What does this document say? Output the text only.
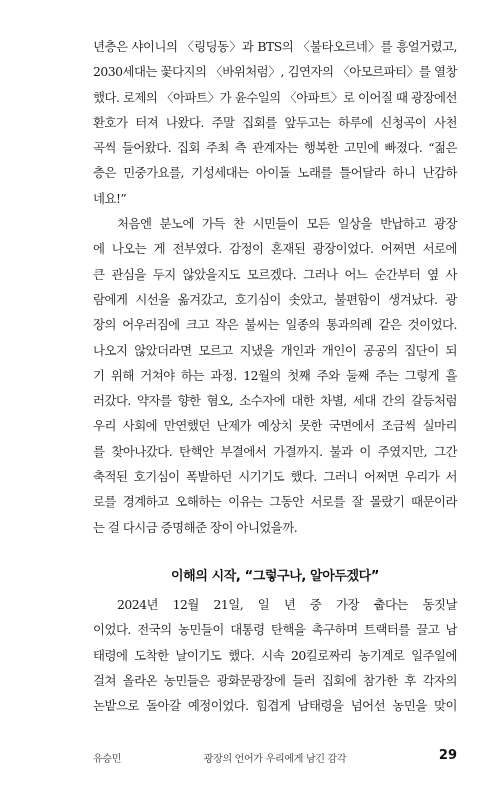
년층은 샤이니의 〈링딩동〉과 BTS의 〈불타오르네〉를 흥얼거렸고,
2030세대는 꽃다지의 〈바위처럼〉, 김연자의 〈아모르파티〉를 열창
했다. 로제의 〈아파트〉가 윤수일의 〈아파트〉로 이어질 때 광장에선
환호가 터져 나왔다. 주말 집회를 앞두고는 하루에 신청곡이 사천
곡씩 들어왔다. 집회 주최 측 관계자는 행복한 고민에 빠졌다. “젊은
층은 민중가요를, 기성세대는 아이돌 노래를 틀어달라 하니 난감하
네요!”
처음엔 분노에 가득 찬 시민들이 모든 일상을 반납하고 광장
에 나오는 게 전부였다. 감정이 혼재된 광장이었다. 어쩌면 서로에
큰 관심을 두지 않았을지도 모르겠다. 그러나 어느 순간부터 옆 사
람에게 시선을 옮겨갔고, 호기심이 솟았고, 불편함이 생겨났다. 광
장의 어우러짐에 크고 작은 불씨는 일종의 통과의례 같은 것이었다.
나오지 않았더라면 모르고 지냈을 개인과 개인이 공공의 집단이 되
기 위해 거쳐야 하는 과정. 12월의 첫째 주와 둘째 주는 그렇게 흘
러갔다. 약자를 향한 혐오, 소수자에 대한 차별, 세대 간의 갈등처럼
우리 사회에 만연했던 난제가 예상치 못한 국면에서 조금씩 실마리
를 찾아나갔다. 탄핵안 부결에서 가결까지. 불과 이 주였지만, 그간
축적된 호기심이 폭발하던 시기기도 했다. 그러니 어쩌면 우리가 서
로를 경계하고 오해하는 이유는 그동안 서로를 잘 몰랐기 때문이라
는 걸 다시금 증명해준 장이 아니었을까.
이해의 시작, “그렇구나, 알아두겠다”
2024년 12월 21일, 일 년 중 가장 춥다는 동짓날
이었다. 전국의 농민들이 대통령 탄핵을 촉구하며 트랙터를 끌고 남
태령에 도착한 날이기도 했다. 시속 20킬로짜리 농기계로 일주일에
걸쳐 올라온 농민들은 광화문광장에 들러 집회에 참가한 후 각자의
논밭으로 돌아갈 예정이었다. 힘겹게 남태령을 넘어선 농민을 맞이
유승민	광장의 언어가 우리에게 남긴 감각	29
